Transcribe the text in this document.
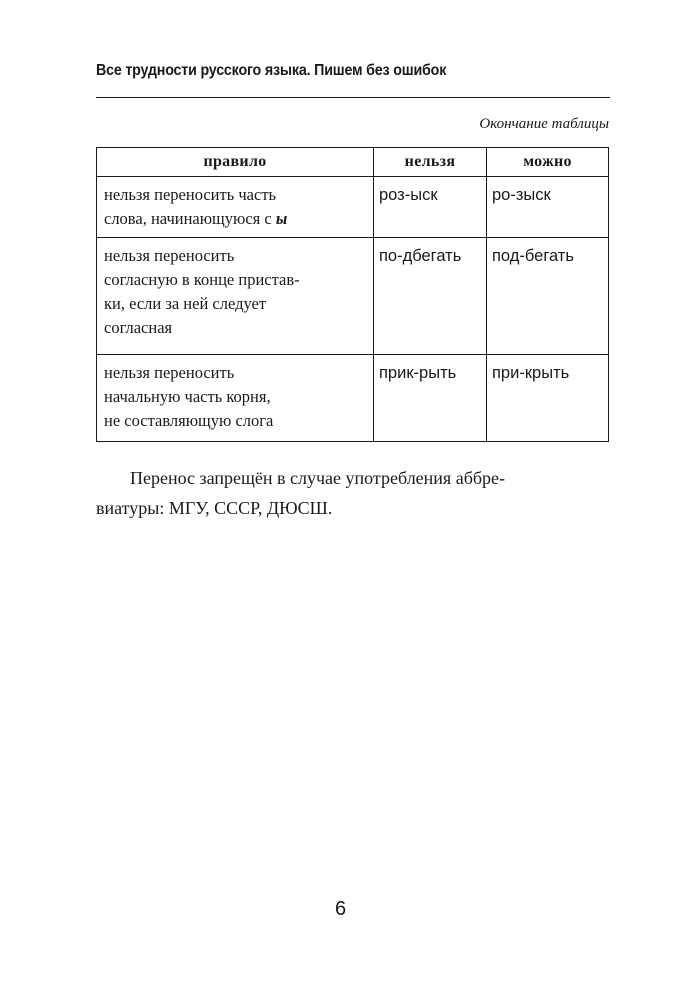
Все трудности русского языка. Пишем без ошибок
Окончание таблицы
правило	нельзя	можно

нельзя переносить часть
слова, начинающуюся с ы	роз-ыск	ро-зыск

нельзя переносить
согласную в конце пристав-
ки, если за ней следует
согласная	по-дбегать	под-бегать

нельзя переносить
начальную часть корня,
не составляющую слога	прик-рыть	при-крыть
Перенос запрещён в случае употребления аббре-
виатуры: МГУ, СССР, ДЮСШ.
6
